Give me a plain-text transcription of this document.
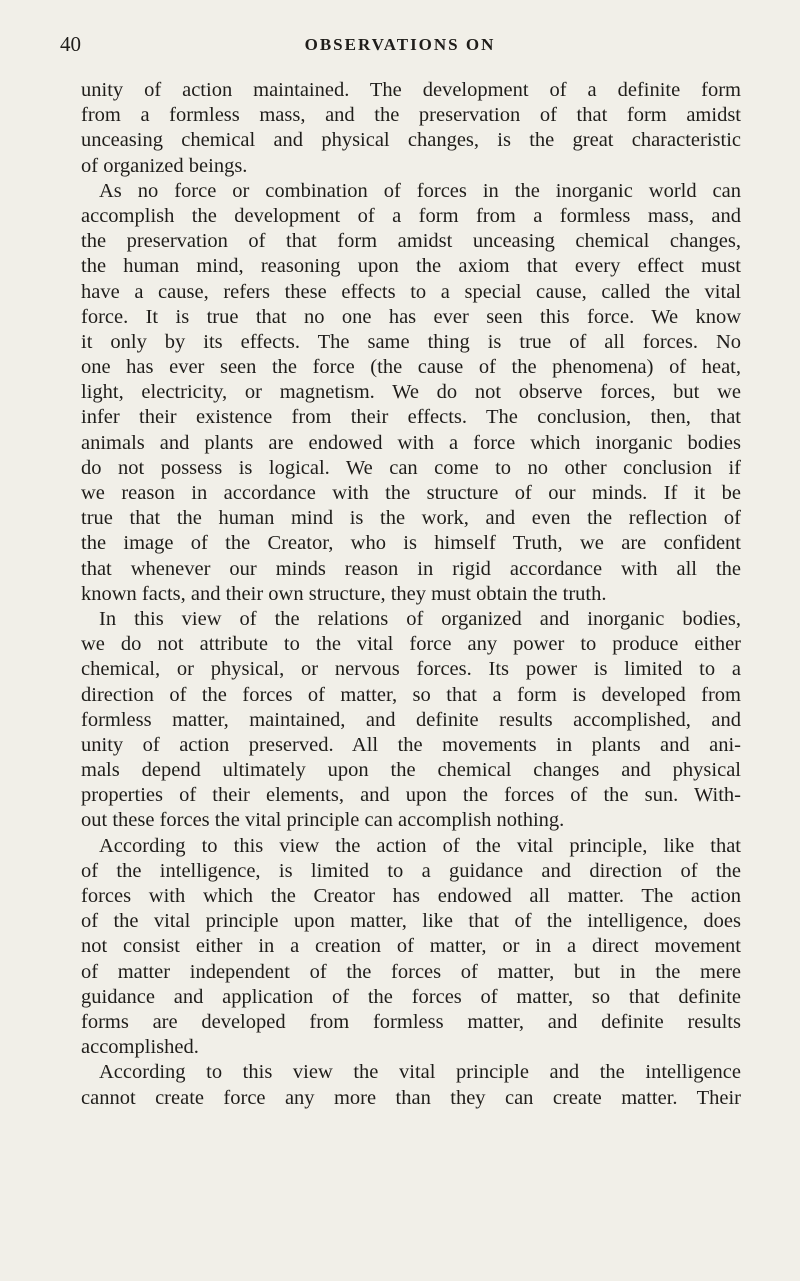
40	OBSERVATIONS ON
unity of action maintained. The development of a definite form
from a formless mass, and the preservation of that form amidst
unceasing chemical and physical changes, is the great characteristic
of organized beings.
As no force or combination of forces in the inorganic world can
accomplish the development of a form from a formless mass, and
the preservation of that form amidst unceasing chemical changes,
the human mind, reasoning upon the axiom that every effect must
have a cause, refers these effects to a special cause, called the vital
force. It is true that no one has ever seen this force. We know
it only by its effects. The same thing is true of all forces. No
one has ever seen the force (the cause of the phenomena) of heat,
light, electricity, or magnetism. We do not observe forces, but we
infer their existence from their effects. The conclusion, then, that
animals and plants are endowed with a force which inorganic bodies
do not possess is logical. We can come to no other conclusion if
we reason in accordance with the structure of our minds. If it be
true that the human mind is the work, and even the reflection of
the image of the Creator, who is himself Truth, we are confident
that whenever our minds reason in rigid accordance with all the
known facts, and their own structure, they must obtain the truth.
In this view of the relations of organized and inorganic bodies,
we do not attribute to the vital force any power to produce either
chemical, or physical, or nervous forces. Its power is limited to a
direction of the forces of matter, so that a form is developed from
formless matter, maintained, and definite results accomplished, and
unity of action preserved. All the movements in plants and ani-
mals depend ultimately upon the chemical changes and physical
properties of their elements, and upon the forces of the sun. With-
out these forces the vital principle can accomplish nothing.
According to this view the action of the vital principle, like that
of the intelligence, is limited to a guidance and direction of the
forces with which the Creator has endowed all matter. The action
of the vital principle upon matter, like that of the intelligence, does
not consist either in a creation of matter, or in a direct movement
of matter independent of the forces of matter, but in the mere
guidance and application of the forces of matter, so that definite
forms are developed from formless matter, and definite results
accomplished.
According to this view the vital principle and the intelligence
cannot create force any more than they can create matter. Their
